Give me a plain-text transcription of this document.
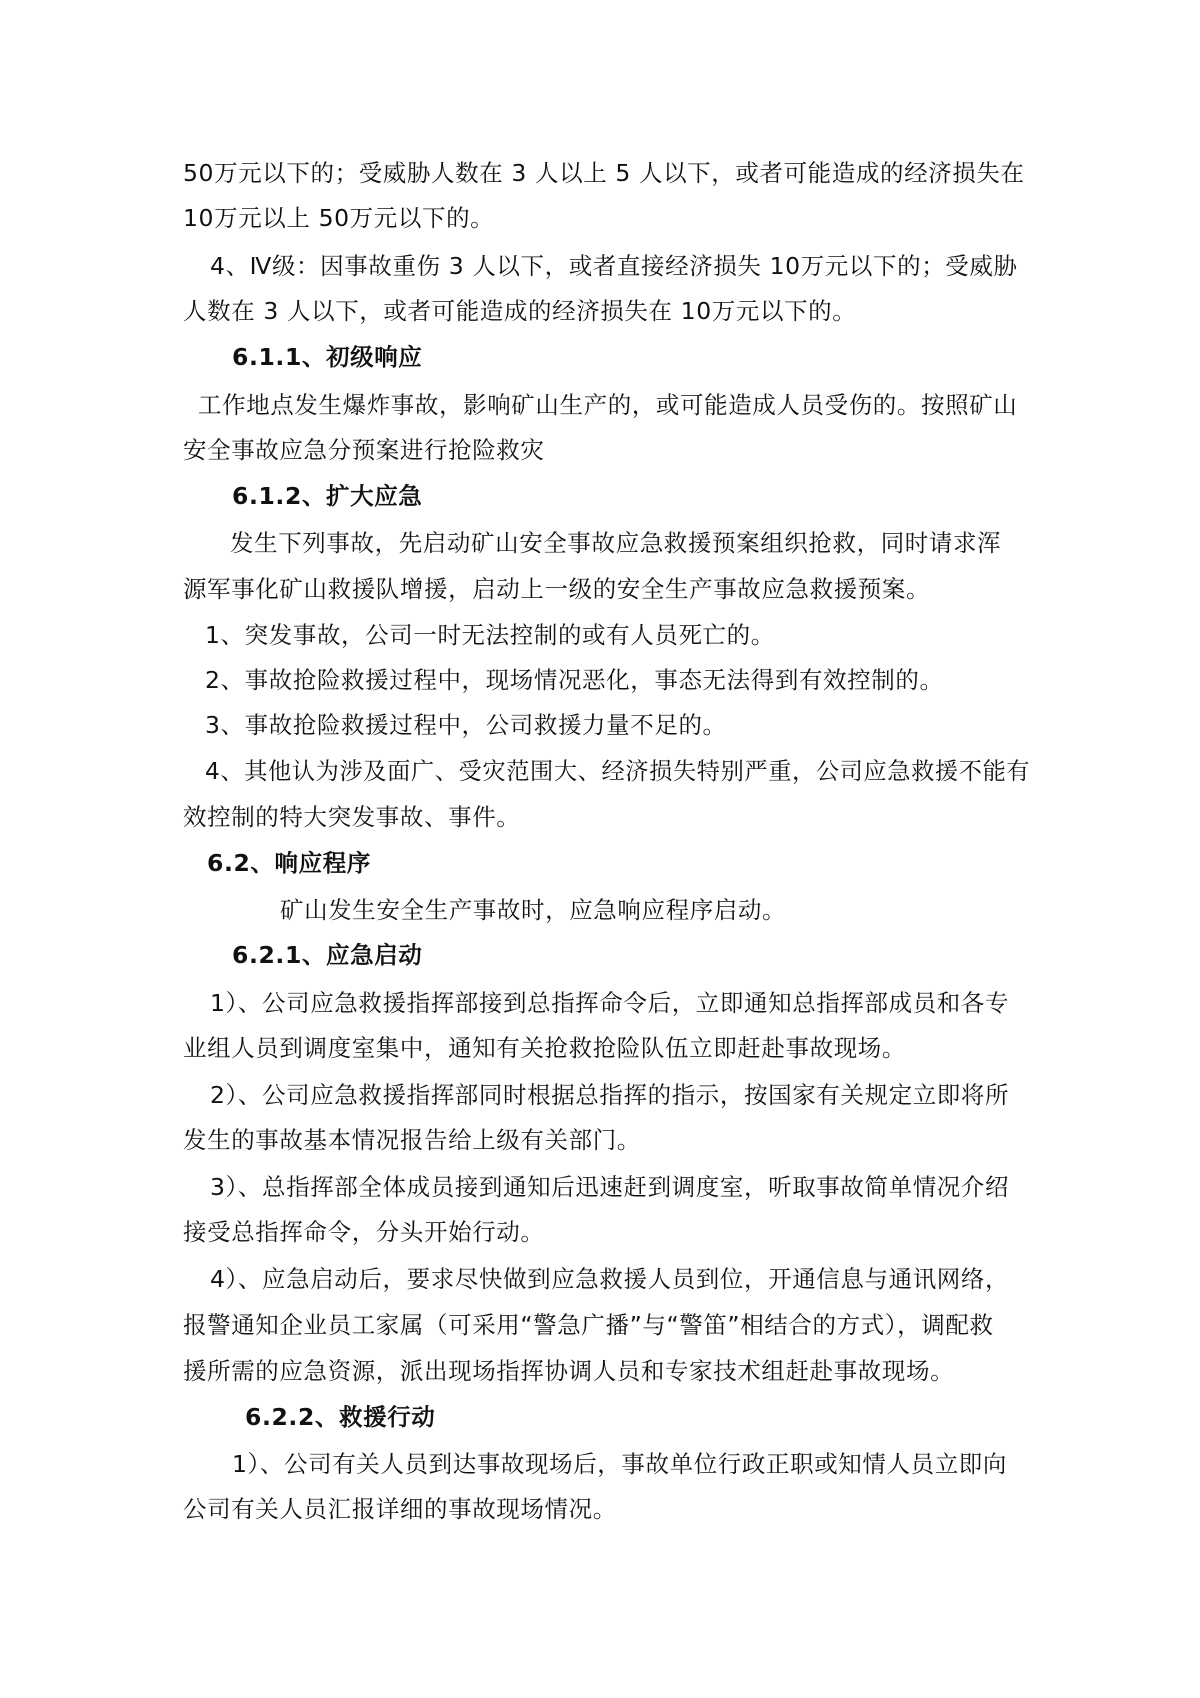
50万元以下的；受威胁人数在 3 人以上 5 人以下，或者可能造成的经济损失在
10万元以上 50万元以下的。
4、Ⅳ级：因事故重伤 3 人以下，或者直接经济损失 10万元以下的；受威胁
人数在 3 人以下，或者可能造成的经济损失在 10万元以下的。
6.1.1、初级响应
工作地点发生爆炸事故，影响矿山生产的，或可能造成人员受伤的。按照矿山
安全事故应急分预案进行抢险救灾
6.1.2、扩大应急
发生下列事故，先启动矿山安全事故应急救援预案组织抢救，同时请求浑
源军事化矿山救援队增援，启动上一级的安全生产事故应急救援预案。
1、突发事故，公司一时无法控制的或有人员死亡的。
2、事故抢险救援过程中，现场情况恶化，事态无法得到有效控制的。
3、事故抢险救援过程中，公司救援力量不足的。
4、其他认为涉及面广、受灾范围大、经济损失特别严重，公司应急救援不能有
效控制的特大突发事故、事件。
6.2、响应程序
矿山发生安全生产事故时，应急响应程序启动。
6.2.1、应急启动
1）、公司应急救援指挥部接到总指挥命令后，立即通知总指挥部成员和各专
业组人员到调度室集中，通知有关抢救抢险队伍立即赶赴事故现场。
2）、公司应急救援指挥部同时根据总指挥的指示，按国家有关规定立即将所
发生的事故基本情况报告给上级有关部门。
3）、总指挥部全体成员接到通知后迅速赶到调度室，听取事故简单情况介绍
接受总指挥命令，分头开始行动。
4）、应急启动后，要求尽快做到应急救援人员到位，开通信息与通讯网络，
报警通知企业员工家属（可采用“警急广播”与“警笛”相结合的方式），调配救
援所需的应急资源，派出现场指挥协调人员和专家技术组赶赴事故现场。
6.2.2、救援行动
1）、公司有关人员到达事故现场后，事故单位行政正职或知情人员立即向
公司有关人员汇报详细的事故现场情况。
